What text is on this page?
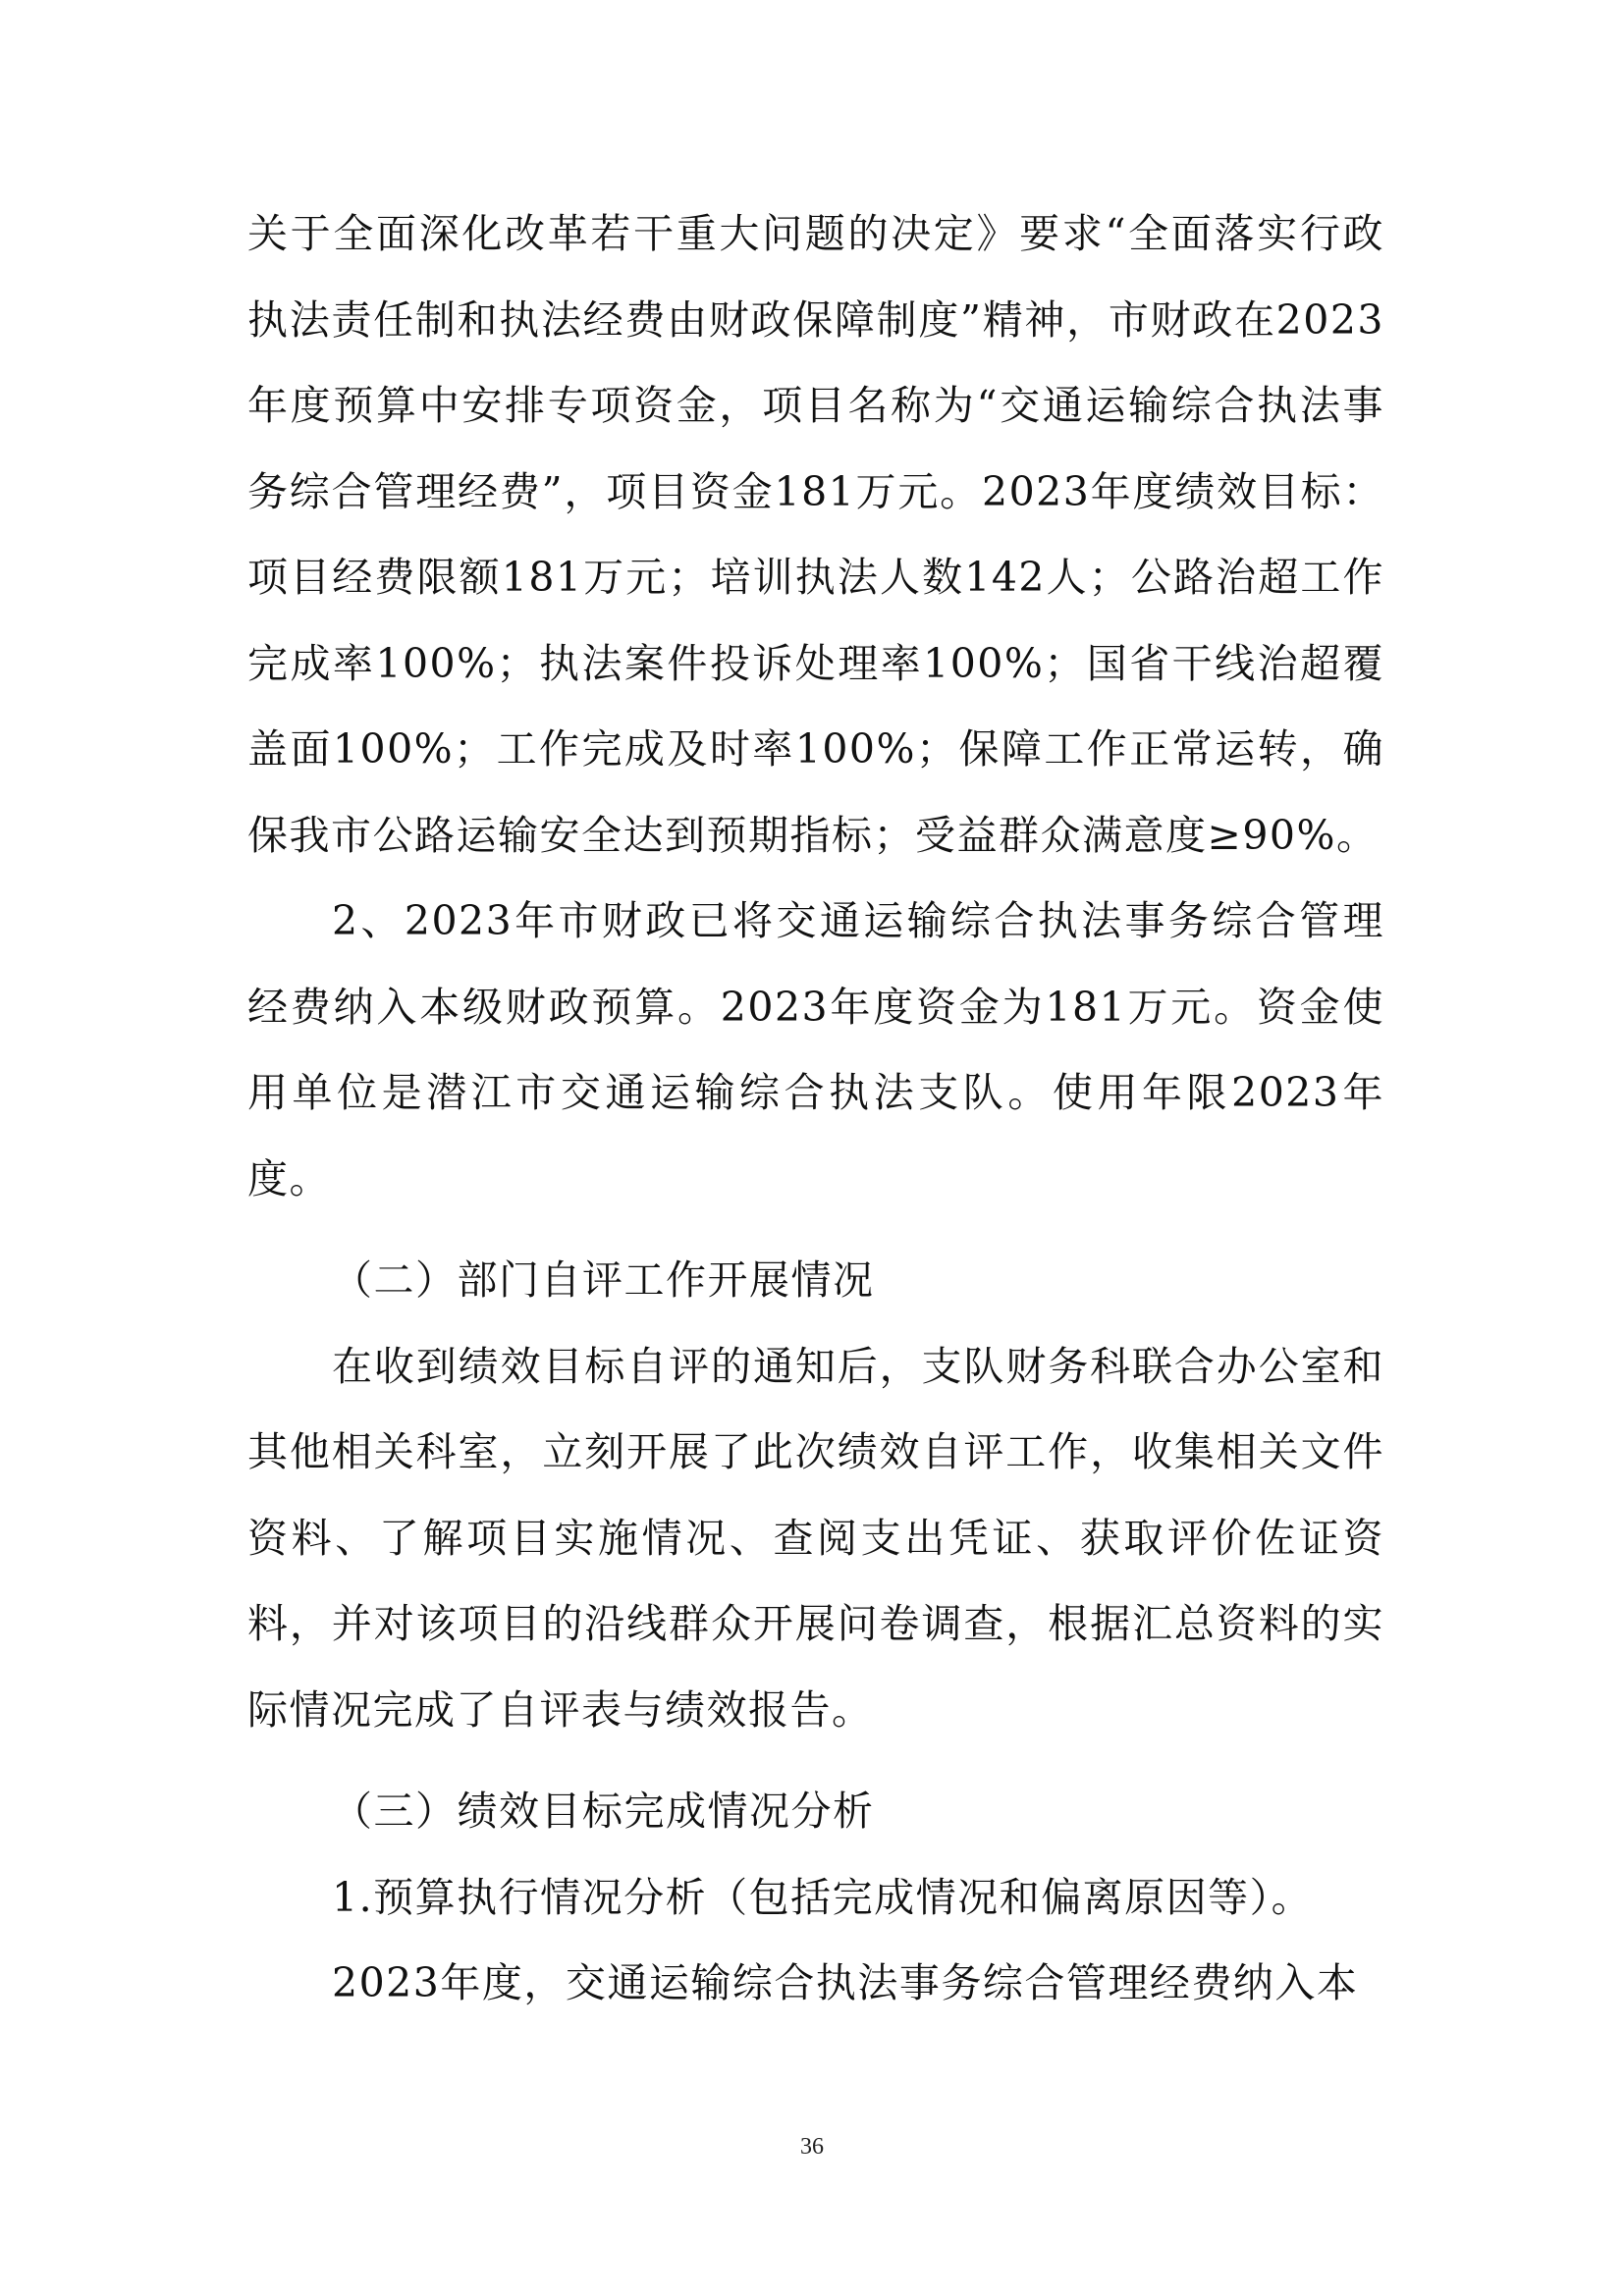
关于全面深化改革若干重大问题的决定》要求“全面落实行政执法责任制和执法经费由财政保障制度”精神，市财政在2023年度预算中安排专项资金，项目名称为“交通运输综合执法事务综合管理经费”，项目资金181万元。2023年度绩效目标：项目经费限额181万元；培训执法人数142人；公路治超工作完成率100%；执法案件投诉处理率100%；国省干线治超覆盖面100%；工作完成及时率100%；保障工作正常运转，确保我市公路运输安全达到预期指标；受益群众满意度≥90%。

2、2023年市财政已将交通运输综合执法事务综合管理经费纳入本级财政预算。2023年度资金为181万元。资金使用单位是潜江市交通运输综合执法支队。使用年限2023年度。

（二）部门自评工作开展情况

在收到绩效目标自评的通知后，支队财务科联合办公室和其他相关科室，立刻开展了此次绩效自评工作，收集相关文件资料、了解项目实施情况、查阅支出凭证、获取评价佐证资料，并对该项目的沿线群众开展问卷调查，根据汇总资料的实际情况完成了自评表与绩效报告。

（三）绩效目标完成情况分析

1.预算执行情况分析（包括完成情况和偏离原因等）。

2023年度，交通运输综合执法事务综合管理经费纳入本

36
